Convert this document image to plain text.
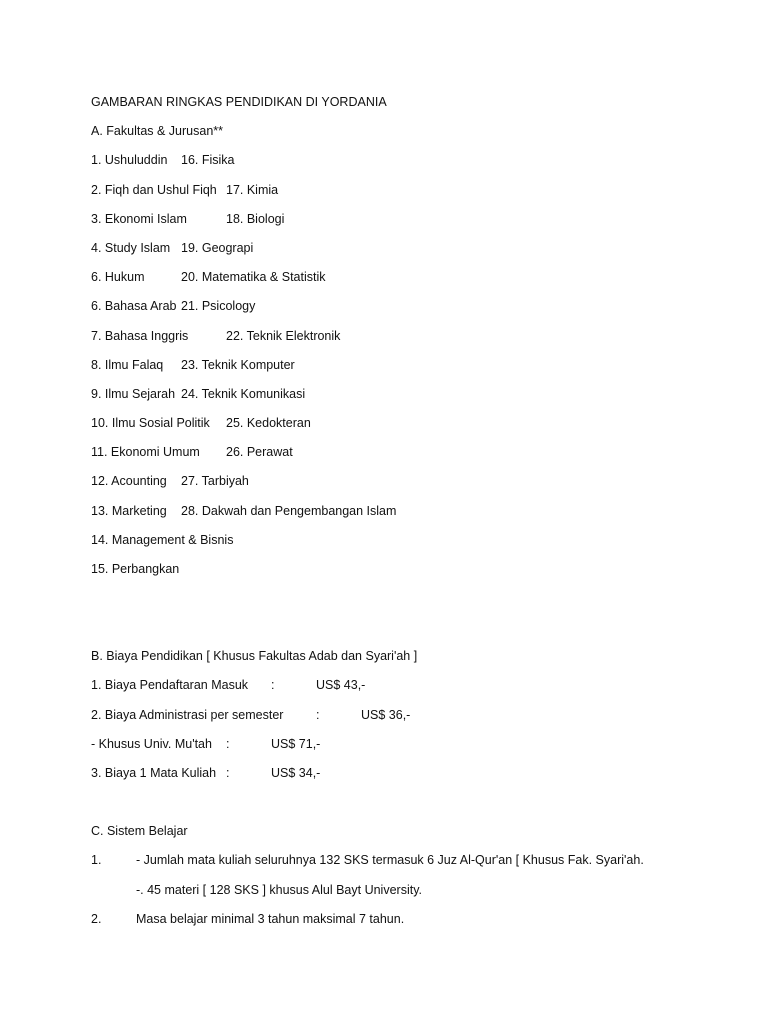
GAMBARAN RINGKAS PENDIDIKAN DI YORDANIA
A. Fakultas & Jurusan**
1. Ushuluddin 16. Fisika
2. Fiqh dan Ushul Fiqh 17. Kimia
3. Ekonomi Islam	18. Biologi
4. Study Islam 19. Geograpi
6. Hukum	20. Matematika & Statistik
6. Bahasa Arab 21. Psicology
7. Bahasa Inggris	22. Teknik Elektronik
8. Ilmu Falaq 23. Teknik Komputer
9. Ilmu Sejarah 24. Teknik Komunikasi
10. Ilmu Sosial Politik 25. Kedokteran
11. Ekonomi Umum 26. Perawat
12. Acounting 27. Tarbiyah
13. Marketing 28. Dakwah dan Pengembangan Islam
14. Management & Bisnis
15. Perbangkan
B. Biaya Pendidikan [ Khusus Fakultas Adab dan Syari'ah ]
1. Biaya Pendaftaran Masuk :	US$ 43,-
2. Biaya Administrasi per semester	:	US$ 36,-
- Khusus Univ. Mu'tah :	US$ 71,-
3. Biaya 1 Mata Kuliah :	US$ 34,-
C. Sistem Belajar
1.	- Jumlah mata kuliah seluruhnya 132 SKS termasuk 6 Juz Al-Qur'an [ Khusus Fak. Syari'ah.
-. 45 materi [ 128 SKS ] khusus Alul Bayt University.
2.	Masa belajar minimal 3 tahun maksimal 7 tahun.
